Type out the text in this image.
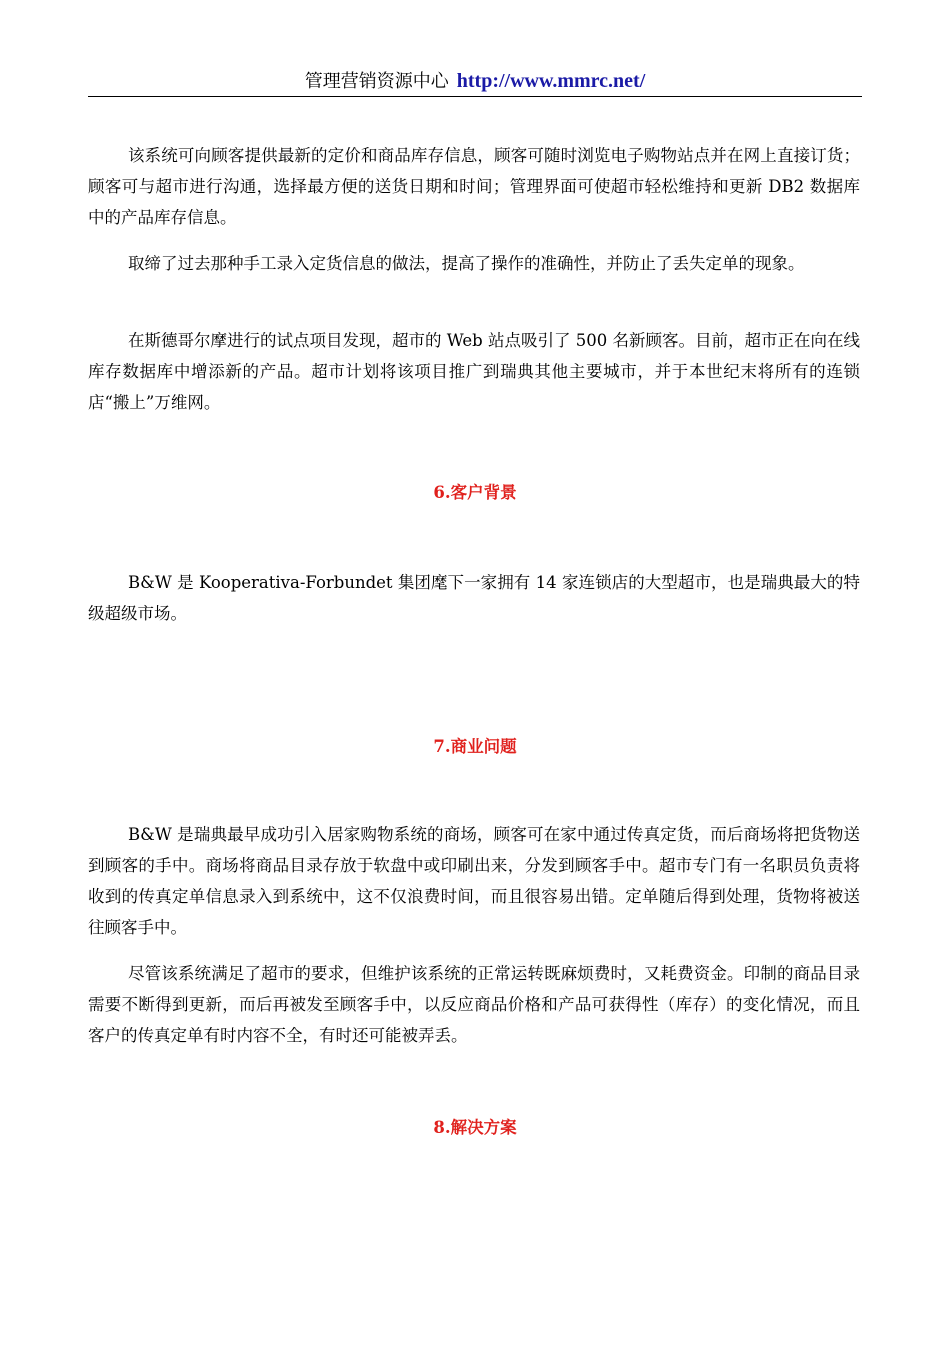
管理营销资源中心 http://www.mmrc.net/

该系统可向顾客提供最新的定价和商品库存信息，顾客可随时浏览电子购物站点并在网上直接订货；顾客可与超市进行沟通，选择最方便的送货日期和时间；管理界面可使超市轻松维持和更新 DB2 数据库中的产品库存信息。

取缔了过去那种手工录入定货信息的做法，提高了操作的准确性，并防止了丢失定单的现象。

在斯德哥尔摩进行的试点项目发现，超市的 Web 站点吸引了 500 名新顾客。目前，超市正在向在线库存数据库中增添新的产品。超市计划将该项目推广到瑞典其他主要城市，并于本世纪末将所有的连锁店“搬上”万维网。

6.客户背景

B&W 是 Kooperativa-Forbundet 集团麾下一家拥有 14 家连锁店的大型超市，也是瑞典最大的特级超级市场。

7.商业问题

B&W 是瑞典最早成功引入居家购物系统的商场，顾客可在家中通过传真定货，而后商场将把货物送到顾客的手中。商场将商品目录存放于软盘中或印刷出来，分发到顾客手中。超市专门有一名职员负责将收到的传真定单信息录入到系统中，这不仅浪费时间，而且很容易出错。定单随后得到处理，货物将被送往顾客手中。

尽管该系统满足了超市的要求，但维护该系统的正常运转既麻烦费时，又耗费资金。印制的商品目录需要不断得到更新，而后再被发至顾客手中，以反应商品价格和产品可获得性（库存）的变化情况，而且客户的传真定单有时内容不全，有时还可能被弄丢。

8.解决方案
